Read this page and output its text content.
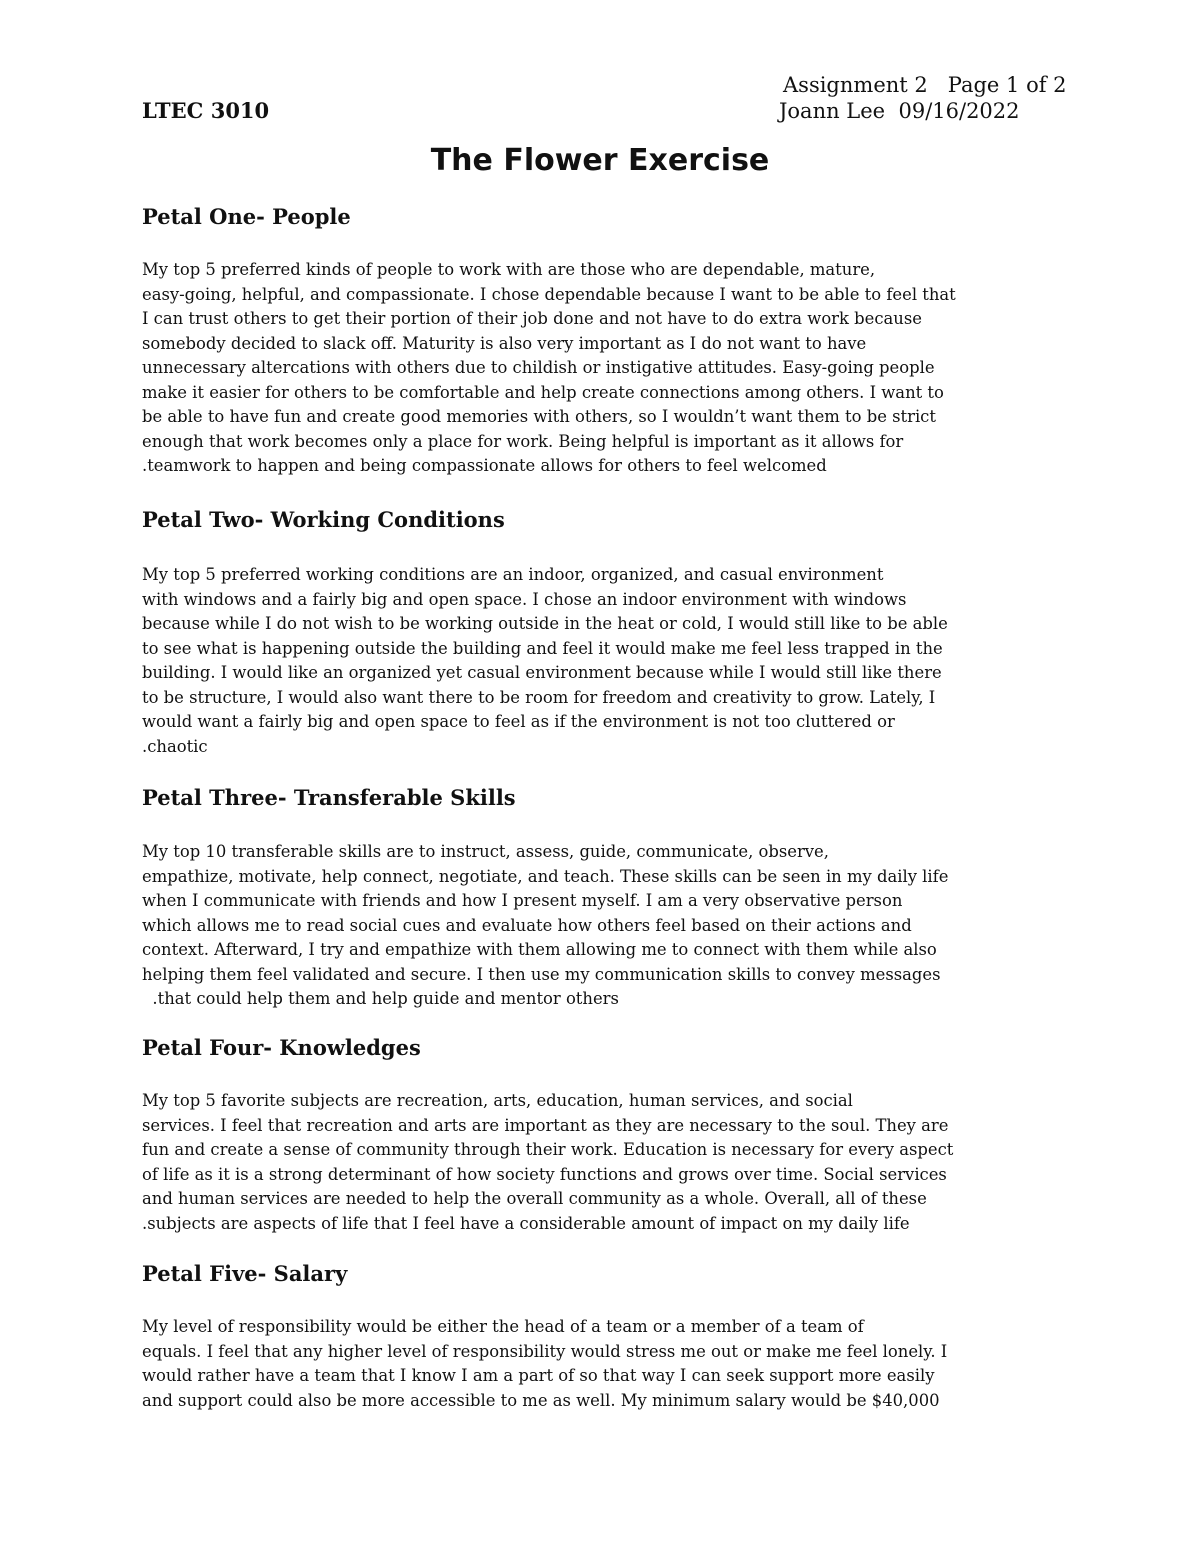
Assignment 2 Page 1 of 2
LTEC 3010	Joann Lee 09/16/2022
The Flower Exercise
Petal One- People
My top 5 preferred kinds of people to work with are those who are dependable, mature,
easy-going, helpful, and compassionate. I chose dependable because I want to be able to feel that
I can trust others to get their portion of their job done and not have to do extra work because
somebody decided to slack off. Maturity is also very important as I do not want to have
unnecessary altercations with others due to childish or instigative attitudes. Easy-going people
make it easier for others to be comfortable and help create connections among others. I want to
be able to have fun and create good memories with others, so I wouldn’t want them to be strict
enough that work becomes only a place for work. Being helpful is important as it allows for
.teamwork to happen and being compassionate allows for others to feel welcomed
Petal Two- Working Conditions
My top 5 preferred working conditions are an indoor, organized, and casual environment
with windows and a fairly big and open space. I chose an indoor environment with windows
because while I do not wish to be working outside in the heat or cold, I would still like to be able
to see what is happening outside the building and feel it would make me feel less trapped in the
building. I would like an organized yet casual environment because while I would still like there
to be structure, I would also want there to be room for freedom and creativity to grow. Lately, I
would want a fairly big and open space to feel as if the environment is not too cluttered or
.chaotic
Petal Three- Transferable Skills
My top 10 transferable skills are to instruct, assess, guide, communicate, observe,
empathize, motivate, help connect, negotiate, and teach. These skills can be seen in my daily life
when I communicate with friends and how I present myself. I am a very observative person
which allows me to read social cues and evaluate how others feel based on their actions and
context. Afterward, I try and empathize with them allowing me to connect with them while also
helping them feel validated and secure. I then use my communication skills to convey messages
.that could help them and help guide and mentor others
Petal Four- Knowledges
My top 5 favorite subjects are recreation, arts, education, human services, and social
services. I feel that recreation and arts are important as they are necessary to the soul. They are
fun and create a sense of community through their work. Education is necessary for every aspect
of life as it is a strong determinant of how society functions and grows over time. Social services
and human services are needed to help the overall community as a whole. Overall, all of these
.subjects are aspects of life that I feel have a considerable amount of impact on my daily life
Petal Five- Salary
My level of responsibility would be either the head of a team or a member of a team of
equals. I feel that any higher level of responsibility would stress me out or make me feel lonely. I
would rather have a team that I know I am a part of so that way I can seek support more easily
and support could also be more accessible to me as well. My minimum salary would be $40,000
